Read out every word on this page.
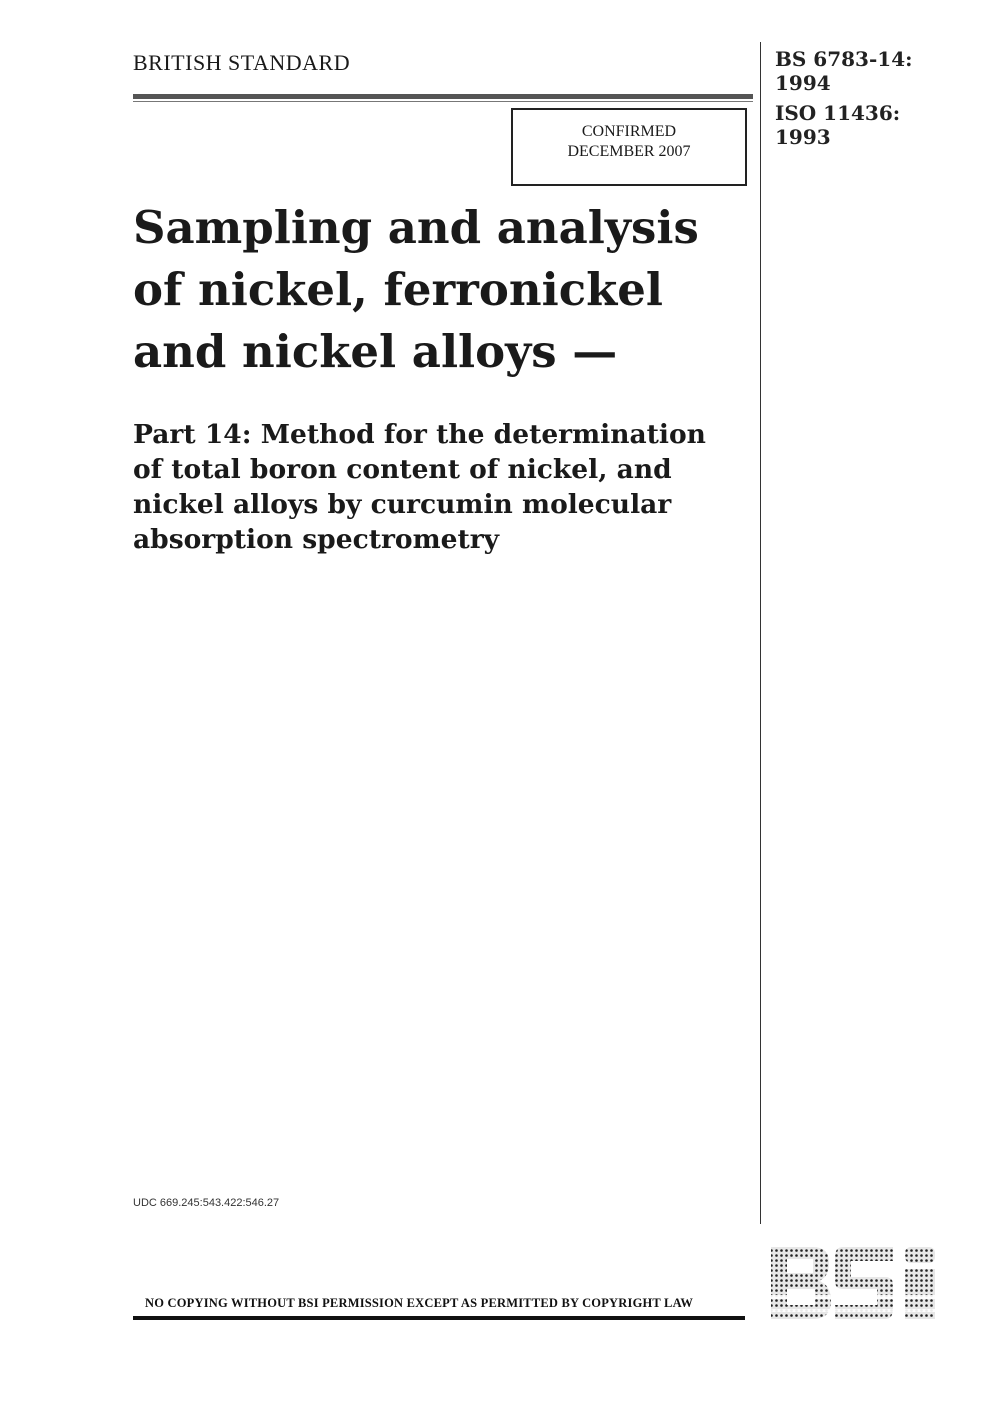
BRITISH STANDARD
CONFIRMED
DECEMBER 2007
BS 6783-14:
1994
ISO 11436:
1993
Sampling and analysis
of nickel, ferronickel
and nickel alloys —
Part 14: Method for the determination
of total boron content of nickel, and
nickel alloys by curcumin molecular
absorption spectrometry
UDC 669.245:543.422:546.27
NO COPYING WITHOUT BSI PERMISSION EXCEPT AS PERMITTED BY COPYRIGHT LAW
